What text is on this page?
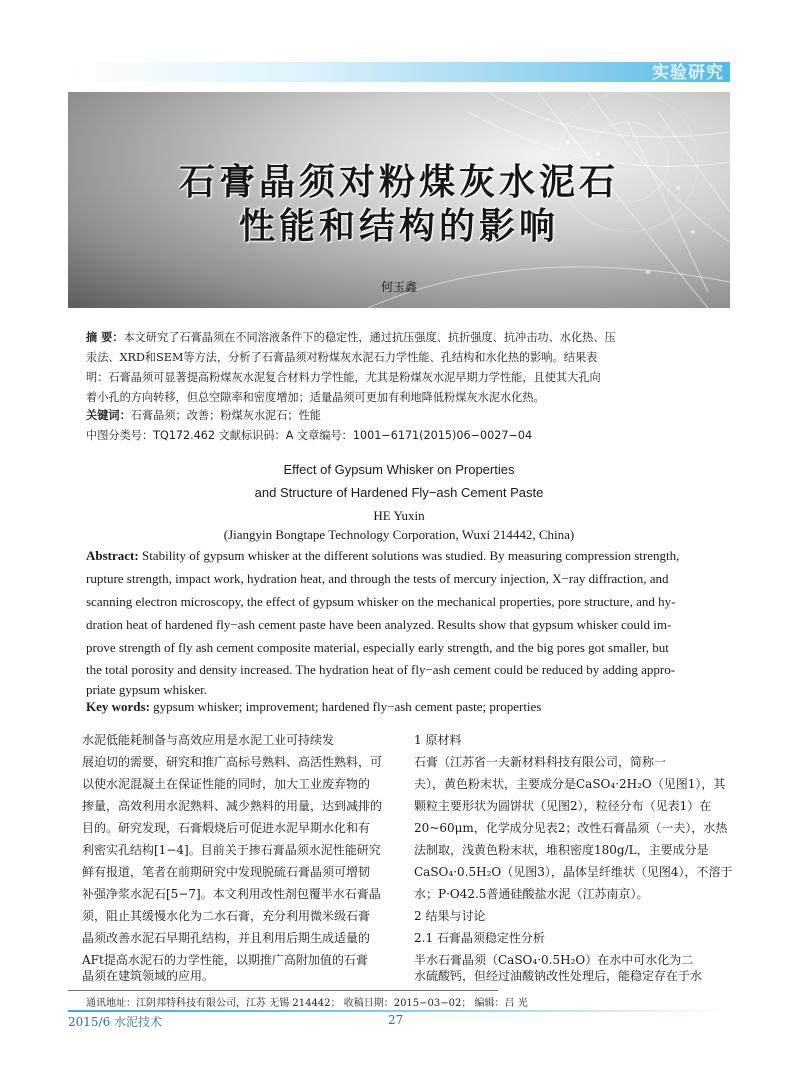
实验研究
石膏晶须对粉煤灰水泥石
性能和结构的影响
何玉鑫
摘 要：本文研究了石膏晶须在不同溶液条件下的稳定性，通过抗压强度、抗折强度、抗冲击功、水化热、压
汞法、XRD和SEM等方法，分析了石膏晶须对粉煤灰水泥石力学性能、孔结构和水化热的影响。结果表
明：石膏晶须可显著提高粉煤灰水泥复合材料力学性能，尤其是粉煤灰水泥早期力学性能，且使其大孔向
着小孔的方向转移，但总空隙率和密度增加；适量晶须可更加有利地降低粉煤灰水泥水化热。
关键词：石膏晶须；改善；粉煤灰水泥石；性能
中图分类号：TQ172.462 文献标识码：A 文章编号：1001−6171(2015)06−0027−04
Effect of Gypsum Whisker on Properties
and Structure of Hardened Fly−ash Cement Paste
HE Yuxin
(Jiangyin Bongtape Technology Corporation, Wuxi 214442, China)
Abstract: Stability of gypsum whisker at the different solutions was studied. By measuring compression strength,
rupture strength, impact work, hydration heat, and through the tests of mercury injection, X−ray diffraction, and
scanning electron microscopy, the effect of gypsum whisker on the mechanical properties, pore structure, and hy-
dration heat of hardened fly−ash cement paste have been analyzed. Results show that gypsum whisker could im-
prove strength of fly ash cement composite material, especially early strength, and the big pores got smaller, but
the total porosity and density increased. The hydration heat of fly−ash cement could be reduced by adding appro-
priate gypsum whisker.
Key words: gypsum whisker; improvement; hardened fly−ash cement paste; properties
水泥低能耗制备与高效应用是水泥工业可持续发
展迫切的需要，研究和推广高标号熟料、高活性熟料，可
以使水泥混凝土在保证性能的同时，加大工业废弃物的
掺量，高效利用水泥熟料、减少熟料的用量，达到减排的
目的。研究发现，石膏煅烧后可促进水泥早期水化和有
利密实孔结构[1−4]。目前关于掺石膏晶须水泥性能研究
鲜有报道，笔者在前期研究中发现脱硫石膏晶须可增韧
补强净浆水泥石[5−7]。本文利用改性剂包覆半水石膏晶
须，阻止其缓慢水化为二水石膏，充分利用微米级石膏
晶须改善水泥石早期孔结构，并且利用后期生成适量的
AFt提高水泥石的力学性能，以期推广高附加值的石膏
晶须在建筑领域的应用。
1 原材料
石膏（江苏省一夫新材料科技有限公司，简称一
夫），黄色粉末状，主要成分是CaSO₄·2H₂O（见图1），其
颗粒主要形状为圆饼状（见图2），粒径分布（见表1）在
20~60μm，化学成分见表2；改性石膏晶须（一夫），水热
法制取，浅黄色粉末状，堆积密度180g/L，主要成分是
CaSO₄·0.5H₂O（见图3），晶体呈纤维状（见图4），不溶于
水；P·O42.5普通硅酸盐水泥（江苏南京）。
2 结果与讨论
2.1 石膏晶须稳定性分析
半水石膏晶须（CaSO₄·0.5H₂O）在水中可水化为二
水硫酸钙，但经过油酸钠改性处理后，能稳定存在于水
通讯地址：江阴邦特科技有限公司，江苏 无锡 214442； 收稿日期：2015−03−02； 编辑：吕 光
2015/6 水泥技术	27
